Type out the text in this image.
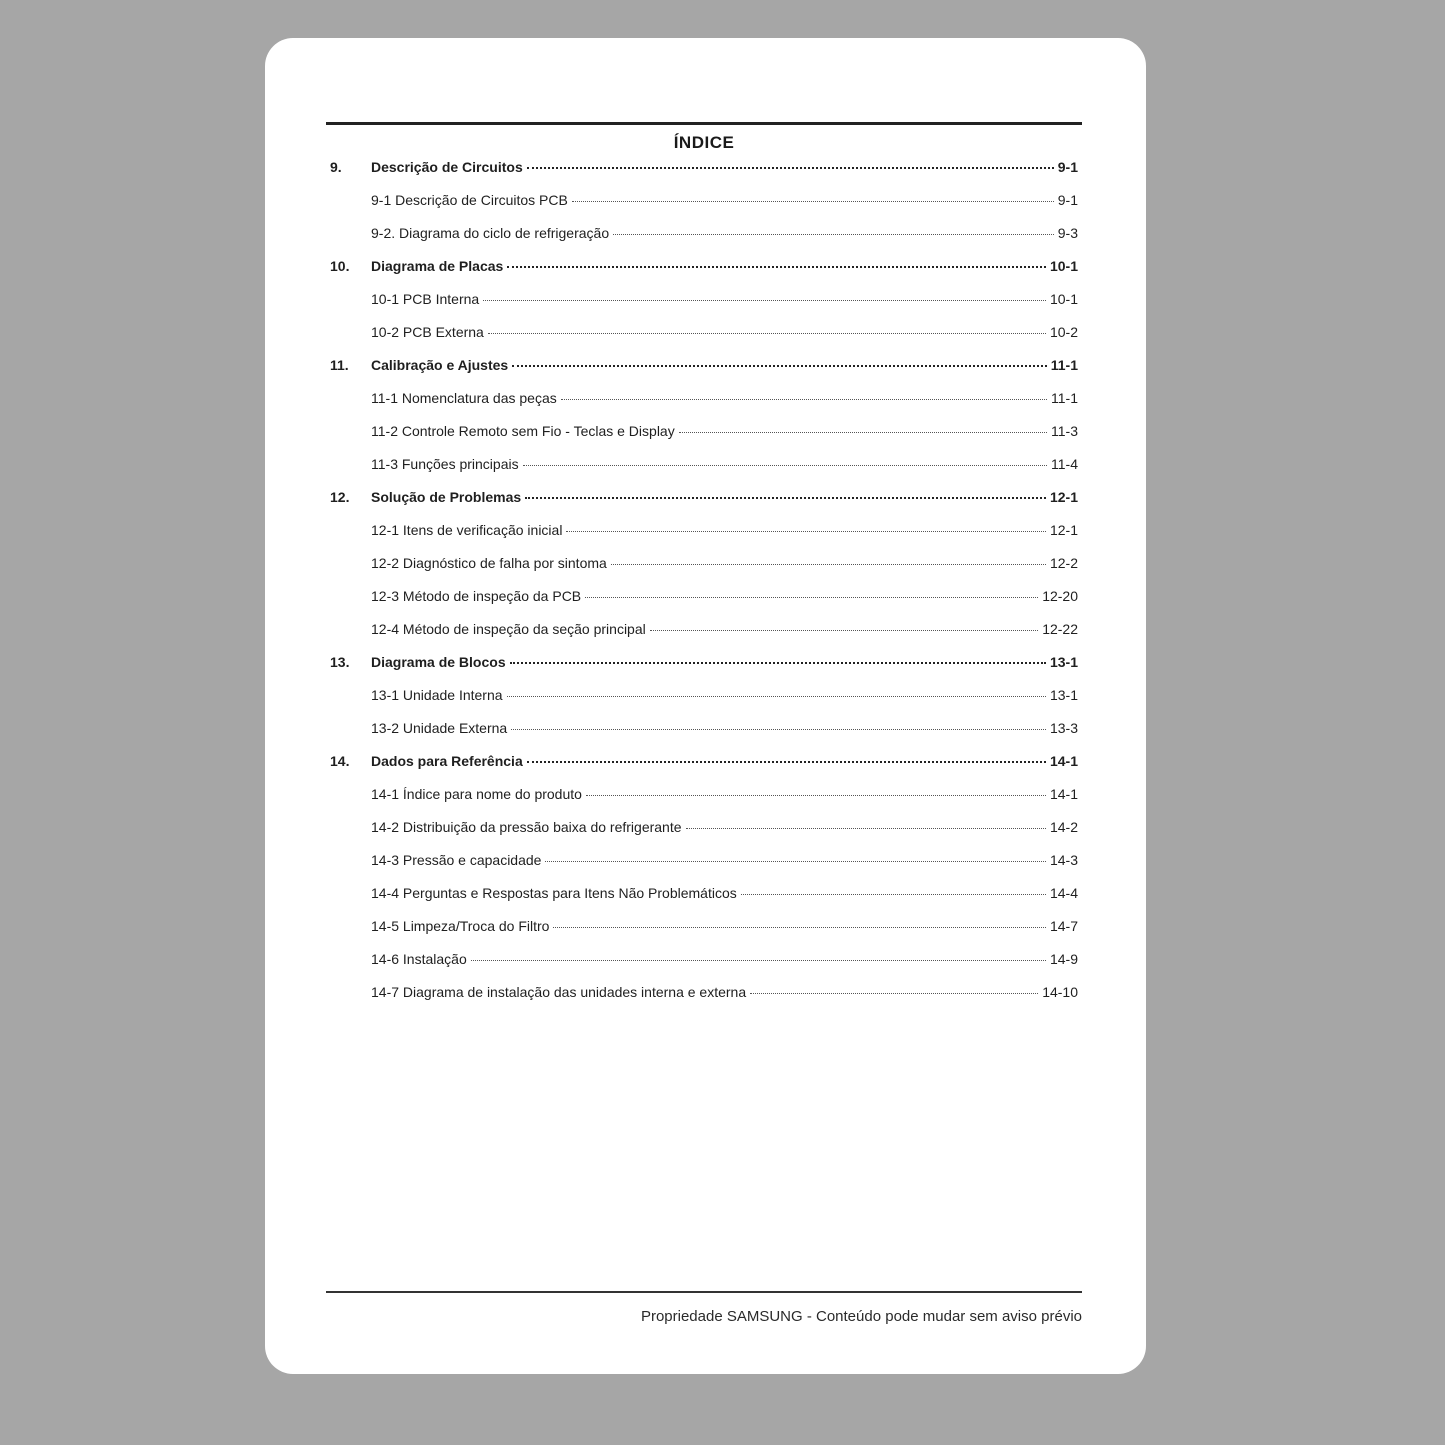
ÍNDICE
9. Descrição de Circuitos	9-1
9-1 Descrição de Circuitos PCB	9-1
9-2. Diagrama do ciclo de refrigeração	9-3
10. Diagrama de Placas	10-1
10-1 PCB Interna	10-1
10-2 PCB Externa	10-2
11. Calibração e Ajustes	11-1
11-1 Nomenclatura das peças	11-1
11-2 Controle Remoto sem Fio - Teclas e Display	11-3
11-3 Funções principais	11-4
12. Solução de Problemas	12-1
12-1 Itens de verificação inicial	12-1
12-2 Diagnóstico de falha por sintoma	12-2
12-3 Método de inspeção da PCB	12-20
12-4 Método de inspeção da seção principal	12-22
13. Diagrama de Blocos	13-1
13-1 Unidade Interna	13-1
13-2 Unidade Externa	13-3
14. Dados para Referência	14-1
14-1 Índice para nome do produto	14-1
14-2 Distribuição da pressão baixa do refrigerante	14-2
14-3 Pressão e capacidade	14-3
14-4 Perguntas e Respostas para Itens Não Problemáticos	14-4
14-5 Limpeza/Troca do Filtro	14-7
14-6 Instalação	14-9
14-7 Diagrama de instalação das unidades interna e externa	14-10
Propriedade SAMSUNG - Conteúdo pode mudar sem aviso prévio
